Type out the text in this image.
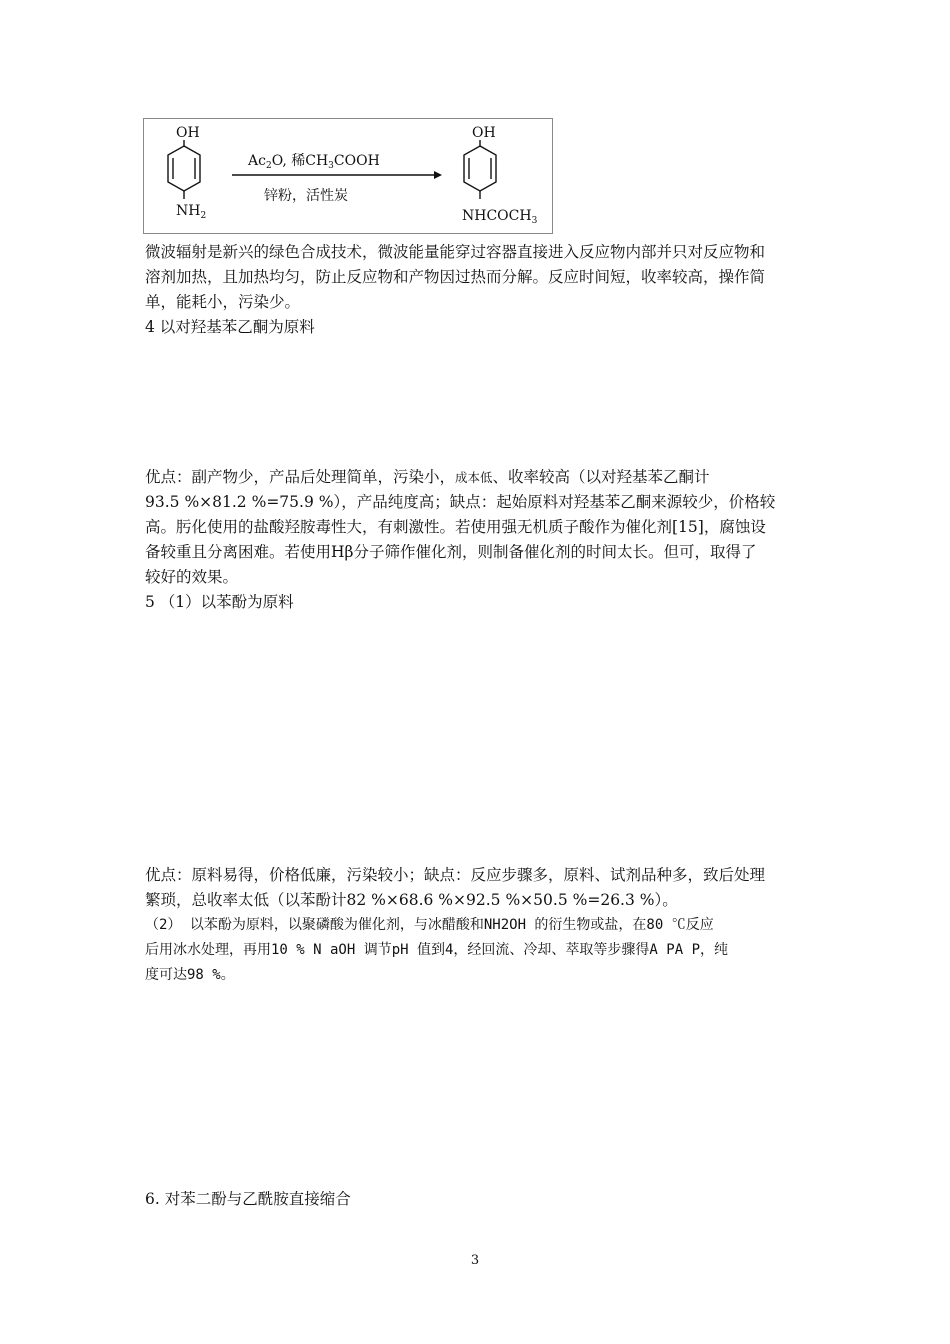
OH
$NH_2$
$Ac_2O$, 稀$CH_3COOH$
锌粉，活性炭
OH
$NHCOCH_3$
微波辐射是新兴的绿色合成技术，微波能量能穿过容器直接进入反应物内部并只对反应物和
溶剂加热，且加热均匀，防止反应物和产物因过热而分解。反应时间短，收率较高，操作简
单，能耗小，污染少。
4 以对羟基苯乙酮为原料
优点：副产物少，产品后处理简单，污染小，成本低、收率较高（以对羟基苯乙酮计
93.5 %×81.2 %=75.9 %），产品纯度高；缺点：起始原料对羟基苯乙酮来源较少，价格较
高。肟化使用的盐酸羟胺毒性大，有刺激性。若使用强无机质子酸作为催化剂[15]，腐蚀设
备较重且分离困难。若使用Hβ分子筛作催化剂，则制备催化剂的时间太长。但可，取得了
较好的效果。
5 （1）以苯酚为原料
优点：原料易得，价格低廉，污染较小；缺点：反应步骤多，原料、试剂品种多，致后处理
繁琐，总收率太低（以苯酚计82 %×68.6 %×92.5 %×50.5 %=26.3 %）。
（2） 以苯酚为原料，以聚磷酸为催化剂，与冰醋酸和NH2OH 的衍生物或盐，在80 ℃反应
后用冰水处理，再用10 % N aOH 调节pH 值到4，经回流、冷却、萃取等步骤得A PA P，纯
度可达98 %。
6. 对苯二酚与乙酰胺直接缩合
3
